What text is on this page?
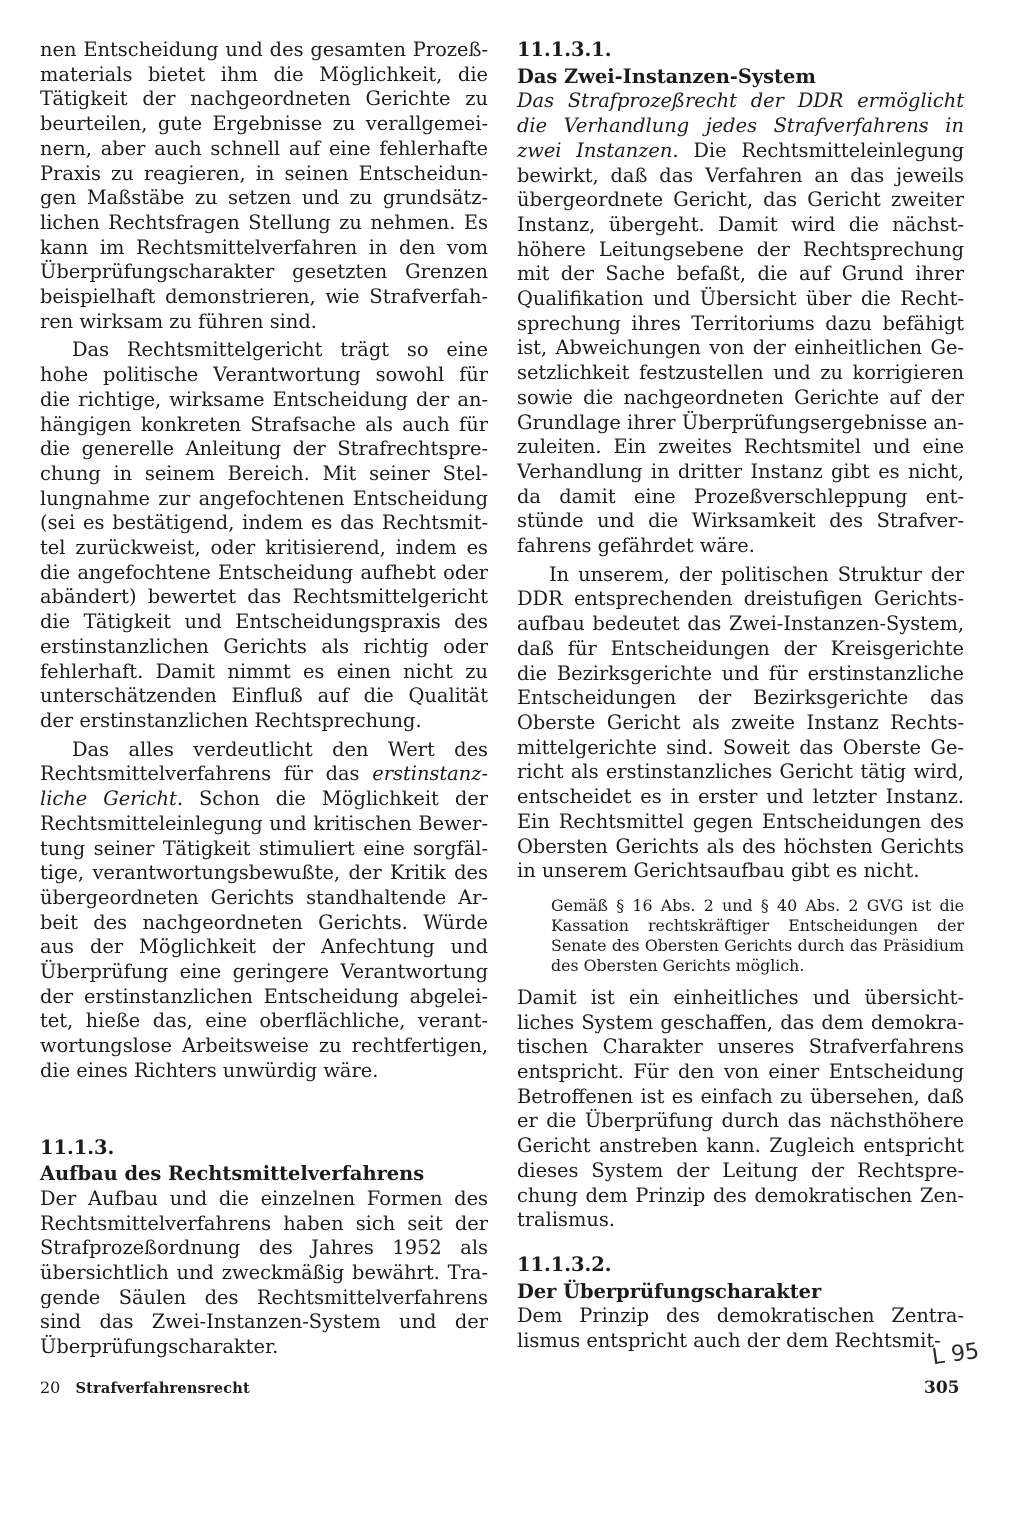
nen Entscheidung und des gesamten Prozeßmaterials bietet ihm die Möglichkeit, die Tätigkeit der nachgeordneten Gerichte zu beurteilen, gute Ergebnisse zu verallgemeinern, aber auch schnell auf eine fehlerhafte Praxis zu reagieren, in seinen Entscheidungen Maßstäbe zu setzen und zu grundsätzlichen Rechtsfragen Stellung zu nehmen. Es kann im Rechtsmittelverfahren in den vom Überprüfungscharakter gesetzten Grenzen beispielhaft demonstrieren, wie Strafverfahren wirksam zu führen sind.

Das Rechtsmittelgericht trägt so eine hohe politische Verantwortung sowohl für die richtige, wirksame Entscheidung der anhängigen konkreten Strafsache als auch für die generelle Anleitung der Strafrechtsprechung in seinem Bereich. Mit seiner Stellungnahme zur angefochtenen Entscheidung (sei es bestätigend, indem es das Rechtsmittel zurückweist, oder kritisierend, indem es die angefochtene Entscheidung aufhebt oder abändert) bewertet das Rechtsmittelgericht die Tätigkeit und Entscheidungspraxis des erstinstanzlichen Gerichts als richtig oder fehlerhaft. Damit nimmt es einen nicht zu unterschätzenden Einfluß auf die Qualität der erstinstanzlichen Rechtsprechung.

Das alles verdeutlicht den Wert des Rechtsmittelverfahrens für das erstinstanzliche Gericht. Schon die Möglichkeit der Rechtsmitteleinlegung und kritischen Bewertung seiner Tätigkeit stimuliert eine sorgfältige, verantwortungsbewußte, der Kritik des übergeordneten Gerichts standhaltende Arbeit des nachgeordneten Gerichts. Würde aus der Möglichkeit der Anfechtung und Überprüfung eine geringere Verantwortung der erstinstanzlichen Entscheidung abgeleitet, hieße das, eine oberflächliche, verantwortungslose Arbeitsweise zu rechtfertigen, die eines Richters unwürdig wäre.

11.1.3.
Aufbau des Rechtsmittelverfahrens

Der Aufbau und die einzelnen Formen des Rechtsmittelverfahrens haben sich seit der Strafprozeßordnung des Jahres 1952 als übersichtlich und zweckmäßig bewährt. Tragende Säulen des Rechtsmittelverfahrens sind das Zwei-Instanzen-System und der Überprüfungscharakter.

11.1.3.1.
Das Zwei-Instanzen-System

Das Strafprozeßrecht der DDR ermöglicht die Verhandlung jedes Strafverfahrens in zwei Instanzen. Die Rechtsmitteleinlegung bewirkt, daß das Verfahren an das jeweils übergeordnete Gericht, das Gericht zweiter Instanz, übergeht. Damit wird die nächsthöhere Leitungsebene der Rechtsprechung mit der Sache befaßt, die auf Grund ihrer Qualifikation und Übersicht über die Rechtsprechung ihres Territoriums dazu befähigt ist, Abweichungen von der einheitlichen Gesetzlichkeit festzustellen und zu korrigieren sowie die nachgeordneten Gerichte auf der Grundlage ihrer Überprüfungsergebnisse anzuleiten. Ein zweites Rechtsmitel und eine Verhandlung in dritter Instanz gibt es nicht, da damit eine Prozeßverschleppung entstünde und die Wirksamkeit des Strafverfahrens gefährdet wäre.

In unserem, der politischen Struktur der DDR entsprechenden dreistufigen Gerichtsaufbau bedeutet das Zwei-Instanzen-System, daß für Entscheidungen der Kreisgerichte die Bezirksgerichte und für erstinstanzliche Entscheidungen der Bezirksgerichte das Oberste Gericht als zweite Instanz Rechtsmittelgerichte sind. Soweit das Oberste Gericht als erstinstanzliches Gericht tätig wird, entscheidet es in erster und letzter Instanz. Ein Rechtsmittel gegen Entscheidungen des Obersten Gerichts als des höchsten Gerichts in unserem Gerichtsaufbau gibt es nicht.

Gemäß § 16 Abs. 2 und § 40 Abs. 2 GVG ist die Kassation rechtskräftiger Entscheidungen der Senate des Obersten Gerichts durch das Präsidium des Obersten Gerichts möglich.

Damit ist ein einheitliches und übersichtliches System geschaffen, das dem demokratischen Charakter unseres Strafverfahrens entspricht. Für den von einer Entscheidung Betroffenen ist es einfach zu übersehen, daß er die Überprüfung durch das nächsthöhere Gericht anstreben kann. Zugleich entspricht dieses System der Leitung der Rechtsprechung dem Prinzip des demokratischen Zentralismus.

11.1.3.2.
Der Überprüfungscharakter

Dem Prinzip des demokratischen Zentralismus entspricht auch der dem Rechtsmit-

20 Strafverfahrensrecht	305
L 95
